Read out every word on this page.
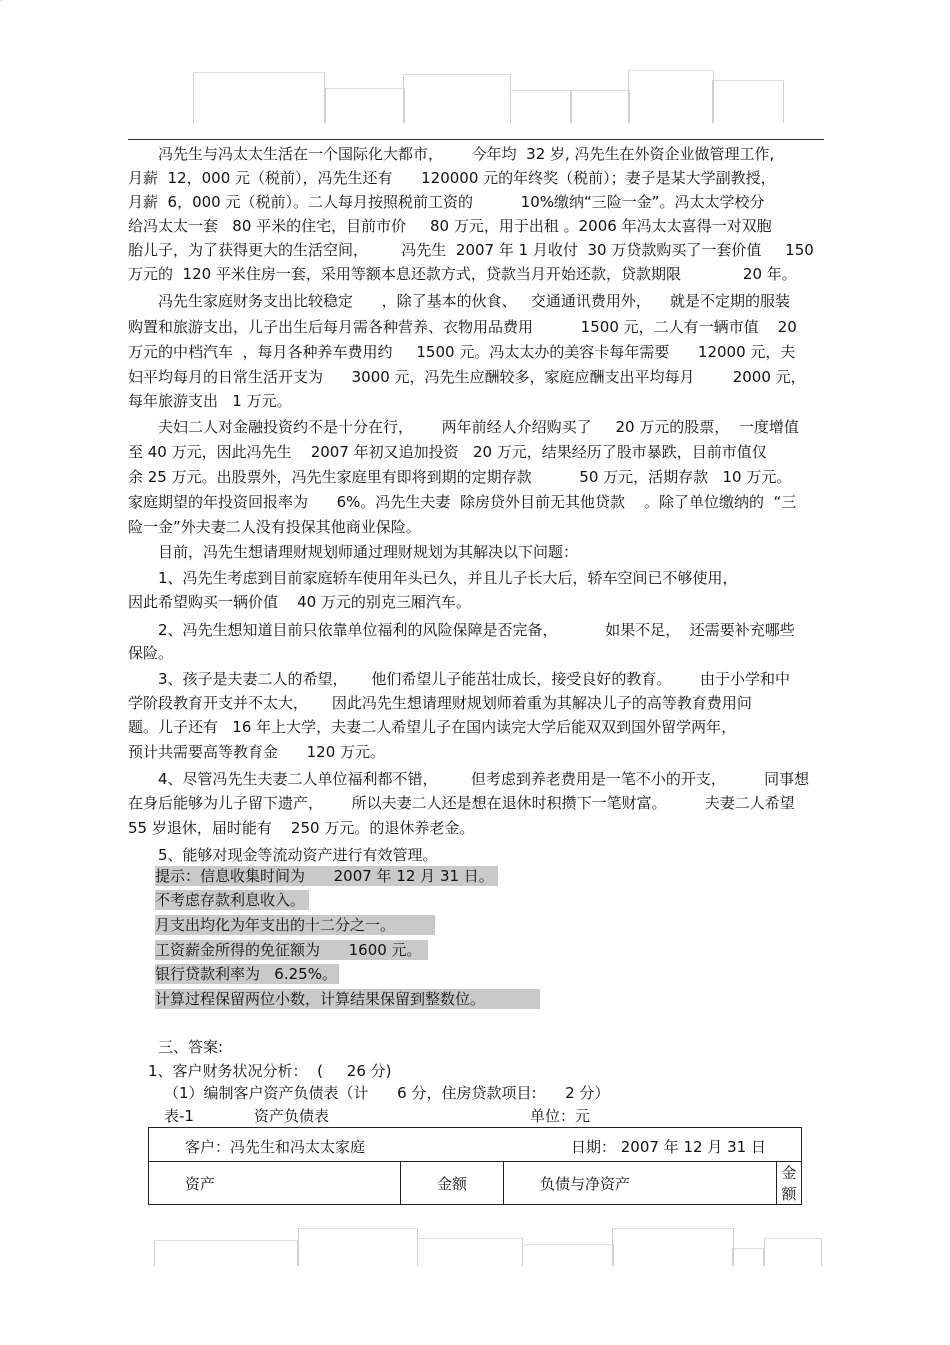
冯先生与冯太太生活在一个国际化大都市，      今年均  32 岁, 冯先生在外资企业做管理工作,
月薪  12，000 元（税前），冯先生还有      120000 元的年终奖（税前）；妻子是某大学副教授，
月薪  6，000 元（税前）。二人每月按照税前工资的          10%缴纳“三险一金”。冯太太学校分
给冯太太一套   80 平米的住宅，目前市价     80 万元，用于出租 。2006 年冯太太喜得一对双胞
胎儿子，为了获得更大的生活空间，       冯先生  2007 年 1 月收付  30 万贷款购买了一套价值     150
万元的  120 平米住房一套，采用等额本息还款方式，贷款当月开始还款，贷款期限             20 年。
冯先生家庭财务支出比较稳定      ，除了基本的伙食、   交通通讯费用外，    就是不定期的服装
购置和旅游支出，儿子出生后每月需各种营养、衣物用品费用          1500 元，二人有一辆市值    20
万元的中档汽车  ，每月各种养车费用约     1500 元。冯太太办的美容卡每年需要      12000 元，夫
妇平均每月的日常生活开支为      3000 元，冯先生应酬较多，家庭应酬支出平均每月        2000 元，
每年旅游支出   1 万元。
夫妇二人对金融投资约不是十分在行，      两年前经人介绍购买了     20 万元的股票，  一度增值
至 40 万元，因此冯先生    2007 年初又追加投资   20 万元，结果经历了股市暴跌，目前市值仅
余 25 万元。出股票外，冯先生家庭里有即将到期的定期存款          50 万元，活期存款   10 万元。
家庭期望的年投资回报率为      6%。冯先生夫妻  除房贷外目前无其他贷款    。除了单位缴纳的  “三
险一金”外夫妻二人没有投保其他商业保险。
目前，冯先生想请理财规划师通过理财规划为其解决以下问题：
1、冯先生考虑到目前家庭轿车使用年头已久，并且儿子长大后，轿车空间已不够使用，
因此希望购买一辆价值    40 万元的别克三厢汽车。
2、冯先生想知道目前只依靠单位福利的风险保障是否完备，          如果不足，  还需要补充哪些
保险。
3、孩子是夫妻二人的希望，     他们希望儿子能茁壮成长，接受良好的教育。      由于小学和中
学阶段教育开支并不太大，     因此冯先生想请理财规划师着重为其解决儿子的高等教育费用问
题。儿子还有   16 年上大学，夫妻二人希望儿子在国内读完大学后能双双到国外留学两年，
预计共需要高等教育金      120 万元。
4、尽管冯先生夫妻二人单位福利都不错，       但考虑到养老费用是一笔不小的开支，        同事想
在身后能够为儿子留下遗产，      所以夫妻二人还是想在退休时积攒下一笔财富。        夫妻二人希望
55 岁退休，届时能有    250 万元。的退休养老金。
5、能够对现金等流动资产进行有效管理。
提示：信息收集时间为      2007 年 12 月 31 日。
不考虑存款利息收入。
月支出均化为年支出的十二分之一。
工资薪金所得的免征额为      1600 元。
银行贷款利率为   6.25%。
计算过程保留两位小数，计算结果保留到整数位。
三、答案:
1、客户财务状况分析：  (     26 分)
（1）编制客户资产负债表（计      6 分，住房贷款项目:      2 分）
表-1	资产负债表	单位：元
客户：冯先生和冯太太家庭	日期： 2007 年 12 月 31 日

资产	金额	负债与净资产	金额
